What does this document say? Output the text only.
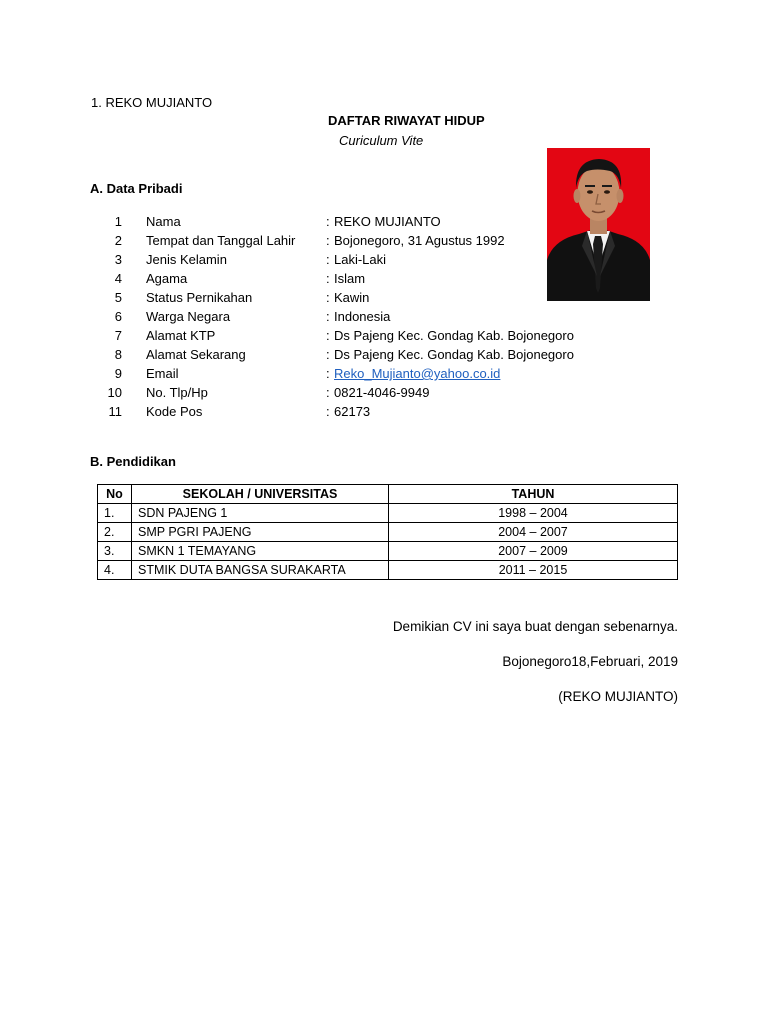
1. REKO MUJIANTO
DAFTAR RIWAYAT HIDUP
Curiculum Vite
A. Data Pribadi
1 Nama	: REKO MUJIANTO
2 Tempat dan Tanggal Lahir : Bojonegoro, 31 Agustus 1992
3 Jenis Kelamin	: Laki-Laki
4 Agama	: Islam
5 Status Pernikahan	: Kawin
6 Warga Negara	: Indonesia
7 Alamat KTP	: Ds Pajeng Kec. Gondag Kab. Bojonegoro
8 Alamat Sekarang	: Ds Pajeng Kec. Gondag Kab. Bojonegoro
9 Email	: Reko_Mujianto@yahoo.co.id
10 No. Tlp/Hp	: 0821-4046-9949
11 Kode Pos	: 62173
B. Pendidikan
No	SEKOLAH / UNIVERSITAS	TAHUN
1.	SDN PAJENG 1	1998 – 2004
2.	SMP PGRI PAJENG	2004 – 2007
3.	SMKN 1 TEMAYANG	2007 – 2009
4.	STMIK DUTA BANGSA SURAKARTA	2011 – 2015
Demikian CV ini saya buat dengan sebenarnya.
Bojonegoro18,Februari, 2019
(REKO MUJIANTO)
